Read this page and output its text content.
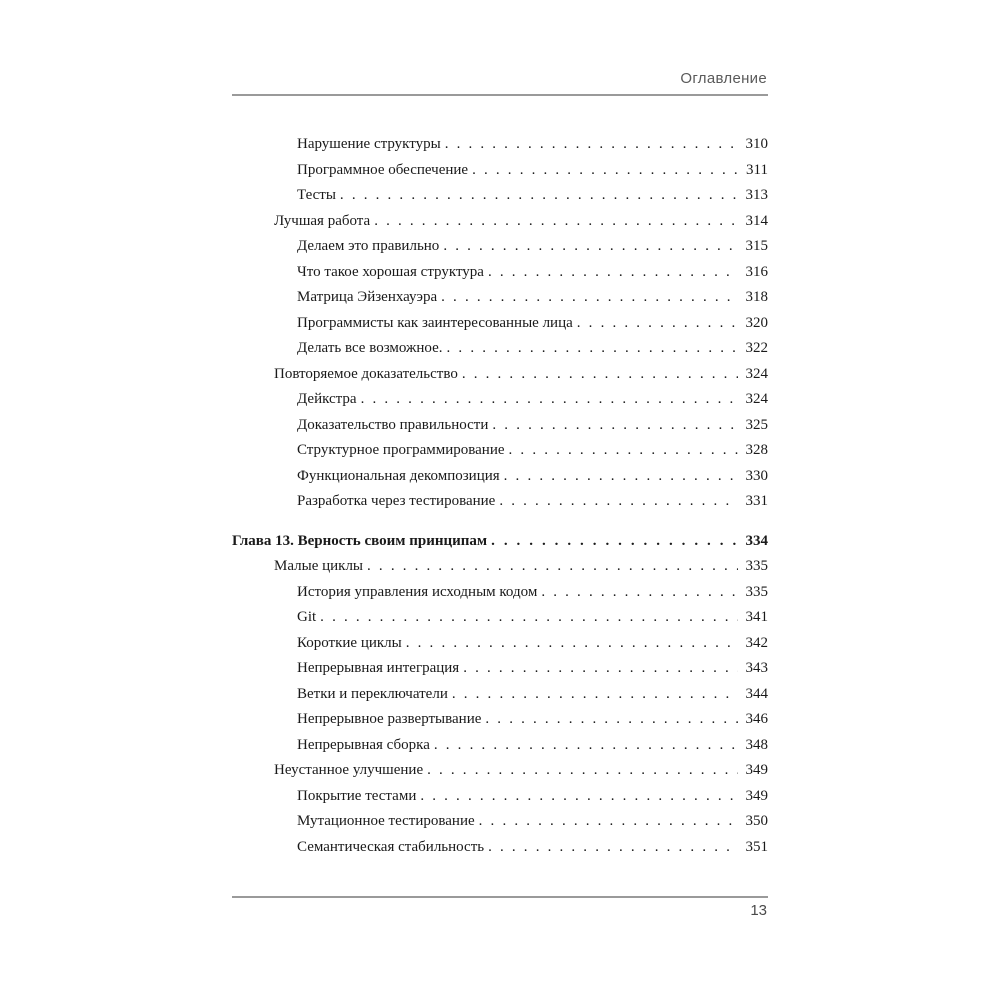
Оглавление
Нарушение структуры . . .	310
Программное обеспечение . . .	311
Тесты . . .	313
Лучшая работа . . .	314
Делаем это правильно . . .	315
Что такое хорошая структура . . .	316
Матрица Эйзенхауэра . . .	318
Программисты как заинтересованные лица . . .	320
Делать все возможное. . . .	322
Повторяемое доказательство . . .	324
Дейкстра . . .	324
Доказательство правильности . . .	325
Структурное программирование . . .	328
Функциональная декомпозиция . . .	330
Разработка через тестирование . . .	331
Глава 13. Верность своим принципам . . .	334
Малые циклы . . .	335
История управления исходным кодом . . .	335
Git . . .	341
Короткие циклы . . .	342
Непрерывная интеграция . . .	343
Ветки и переключатели . . .	344
Непрерывное развертывание . . .	346
Непрерывная сборка . . .	348
Неустанное улучшение . . .	349
Покрытие тестами . . .	349
Мутационное тестирование . . .	350
Семантическая стабильность . . .	351
13
